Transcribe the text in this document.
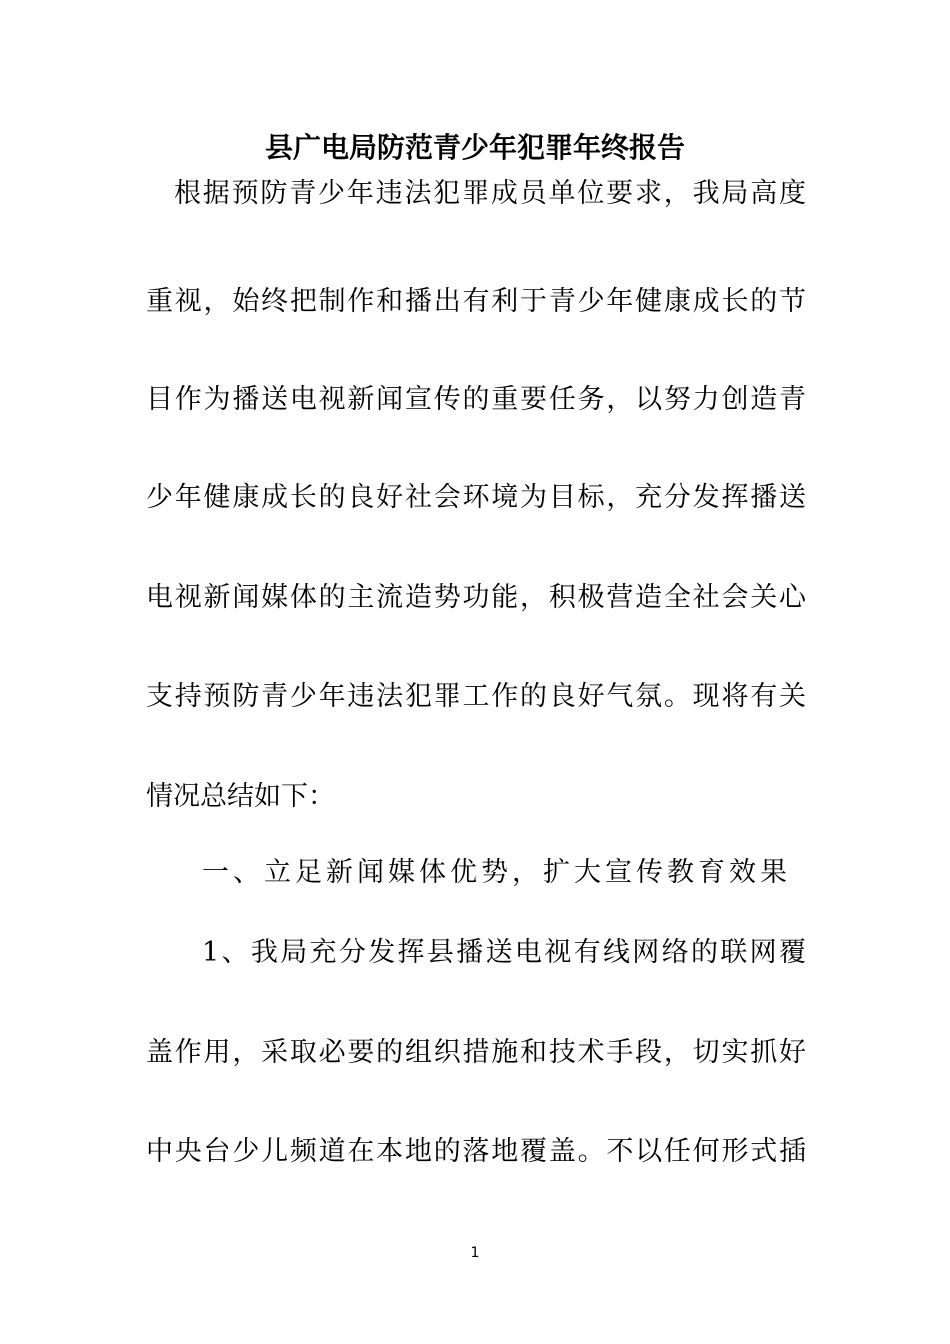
县广电局防范青少年犯罪年终报告
根据预防青少年违法犯罪成员单位要求，我局高度
重视，始终把制作和播出有利于青少年健康成长的节
目作为播送电视新闻宣传的重要任务，以努力创造青
少年健康成长的良好社会环境为目标，充分发挥播送
电视新闻媒体的主流造势功能，积极营造全社会关心
支持预防青少年违法犯罪工作的良好气氛。现将有关
情况总结如下：
一、立足新闻媒体优势，扩大宣传教育效果
1、我局充分发挥县播送电视有线网络的联网覆
盖作用，采取必要的组织措施和技术手段，切实抓好
中央台少儿频道在本地的落地覆盖。不以任何形式插
1
